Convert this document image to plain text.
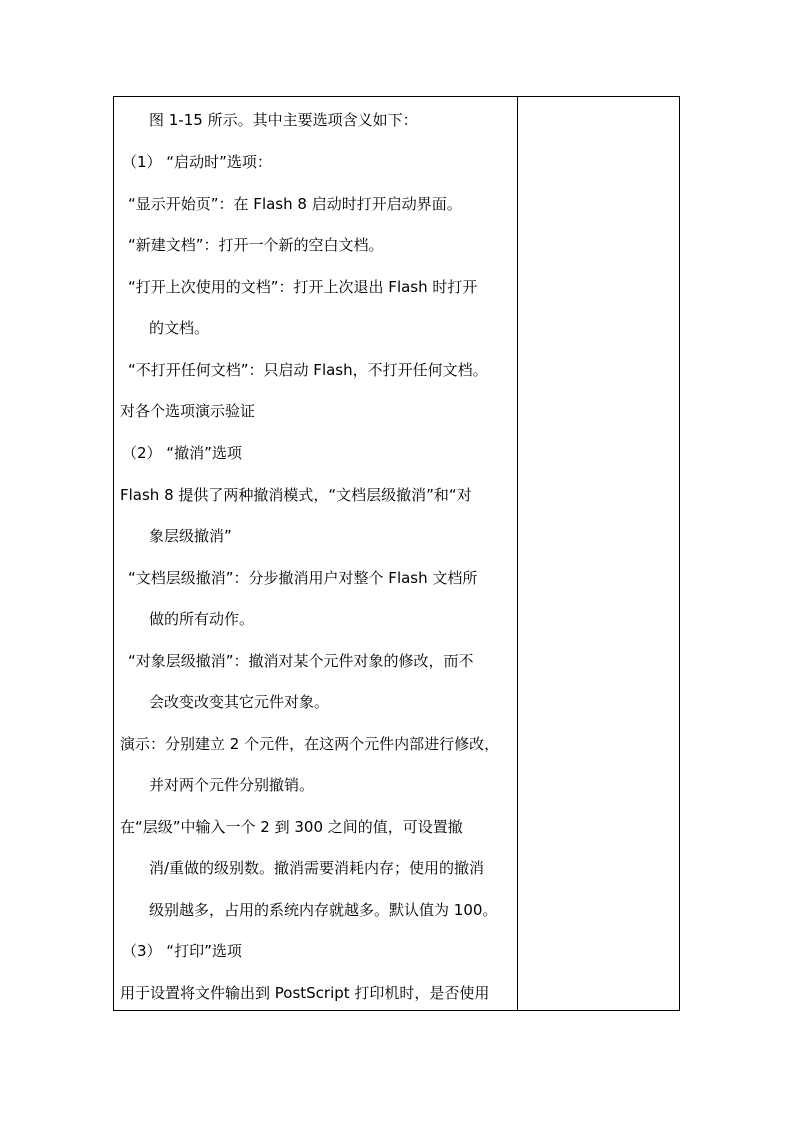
图 1-15 所示。其中主要选项含义如下：
（1） “启动时”选项：
“显示开始页”：在 Flash 8 启动时打开启动界面。
“新建文档”：打开一个新的空白文档。
“打开上次使用的文档”：打开上次退出 Flash 时打开
的文档。
“不打开任何文档”：只启动 Flash，不打开任何文档。
对各个选项演示验证
（2） “撤消”选项
Flash 8 提供了两种撤消模式，“文档层级撤消”和“对
象层级撤消”
“文档层级撤消”：分步撤消用户对整个 Flash 文档所
做的所有动作。
“对象层级撤消”：撤消对某个元件对象的修改，而不
会改变改变其它元件对象。
演示：分别建立 2 个元件，在这两个元件内部进行修改，
并对两个元件分别撤销。
在“层级”中输入一个 2 到 300 之间的值，可设置撤
消/重做的级别数。撤消需要消耗内存；使用的撤消
级别越多，占用的系统内存就越多。默认值为 100。
（3） “打印”选项
用于设置将文件输出到 PostScript 打印机时，是否使用
